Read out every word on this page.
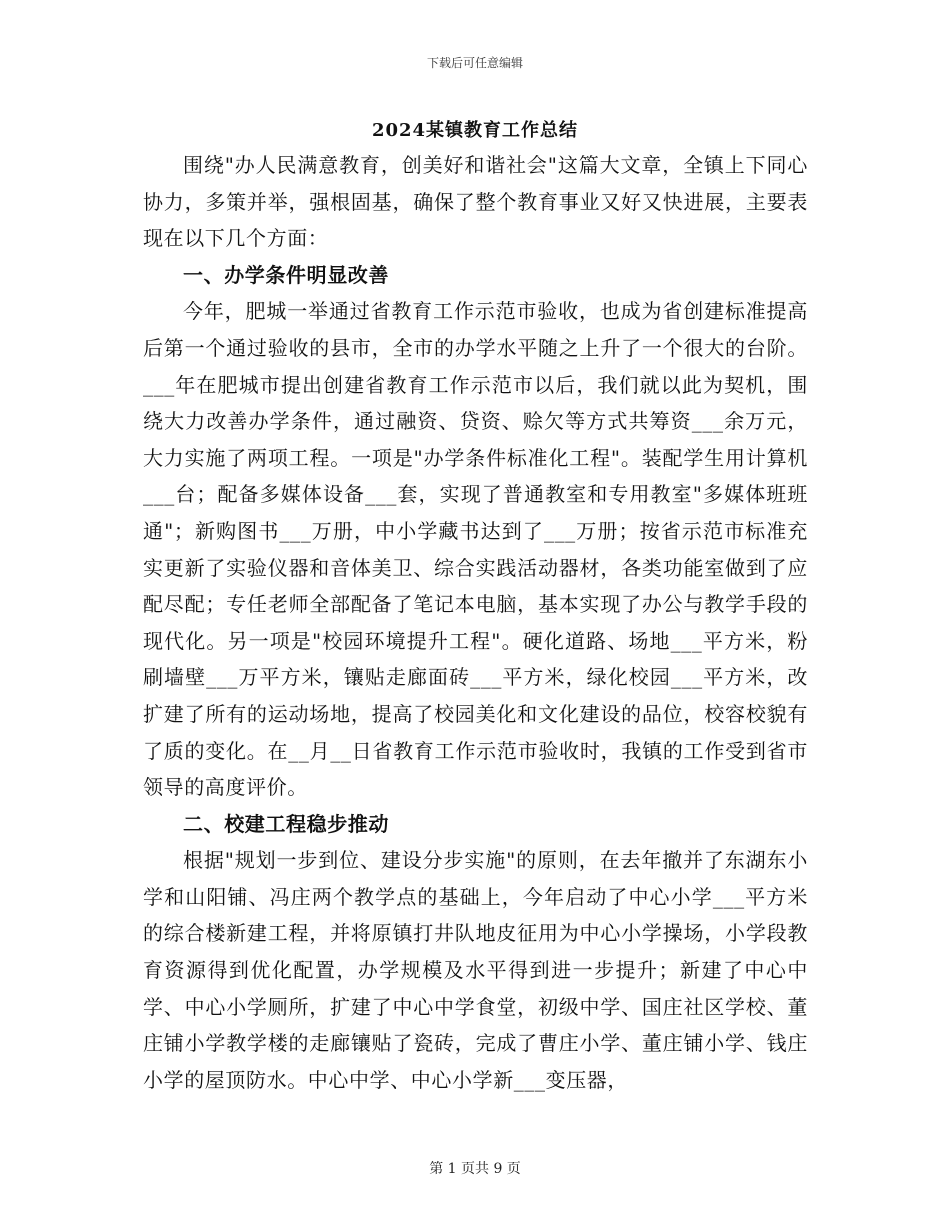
下载后可任意编辑
2024某镇教育工作总结

围绕"办人民满意教育，创美好和谐社会"这篇大文章，全镇上下同心协力，多策并举，强根固基，确保了整个教育事业又好又快进展，主要表现在以下几个方面：

一、办学条件明显改善

今年，肥城一举通过省教育工作示范市验收，也成为省创建标准提高后第一个通过验收的县市，全市的办学水平随之上升了一个很大的台阶。___年在肥城市提出创建省教育工作示范市以后，我们就以此为契机，围绕大力改善办学条件，通过融资、贷资、赊欠等方式共筹资___余万元，大力实施了两项工程。一项是"办学条件标准化工程"。装配学生用计算机___台；配备多媒体设备___套，实现了普通教室和专用教室"多媒体班班通"；新购图书___万册，中小学藏书达到了___万册；按省示范市标准充实更新了实验仪器和音体美卫、综合实践活动器材，各类功能室做到了应配尽配；专任老师全部配备了笔记本电脑，基本实现了办公与教学手段的现代化。另一项是"校园环境提升工程"。硬化道路、场地___平方米，粉刷墙壁___万平方米，镶贴走廊面砖___平方米，绿化校园___平方米，改扩建了所有的运动场地，提高了校园美化和文化建设的品位，校容校貌有了质的变化。在__月__日省教育工作示范市验收时，我镇的工作受到省市领导的高度评价。

二、校建工程稳步推动

根据"规划一步到位、建设分步实施"的原则，在去年撤并了东湖东小学和山阳铺、冯庄两个教学点的基础上，今年启动了中心小学___平方米的综合楼新建工程，并将原镇打井队地皮征用为中心小学操场，小学段教育资源得到优化配置，办学规模及水平得到进一步提升；新建了中心中学、中心小学厕所，扩建了中心中学食堂，初级中学、国庄社区学校、董庄铺小学教学楼的走廊镶贴了瓷砖，完成了曹庄小学、董庄铺小学、钱庄小学的屋顶防水。中心中学、中心小学新___变压器，

第 1 页共 9 页
